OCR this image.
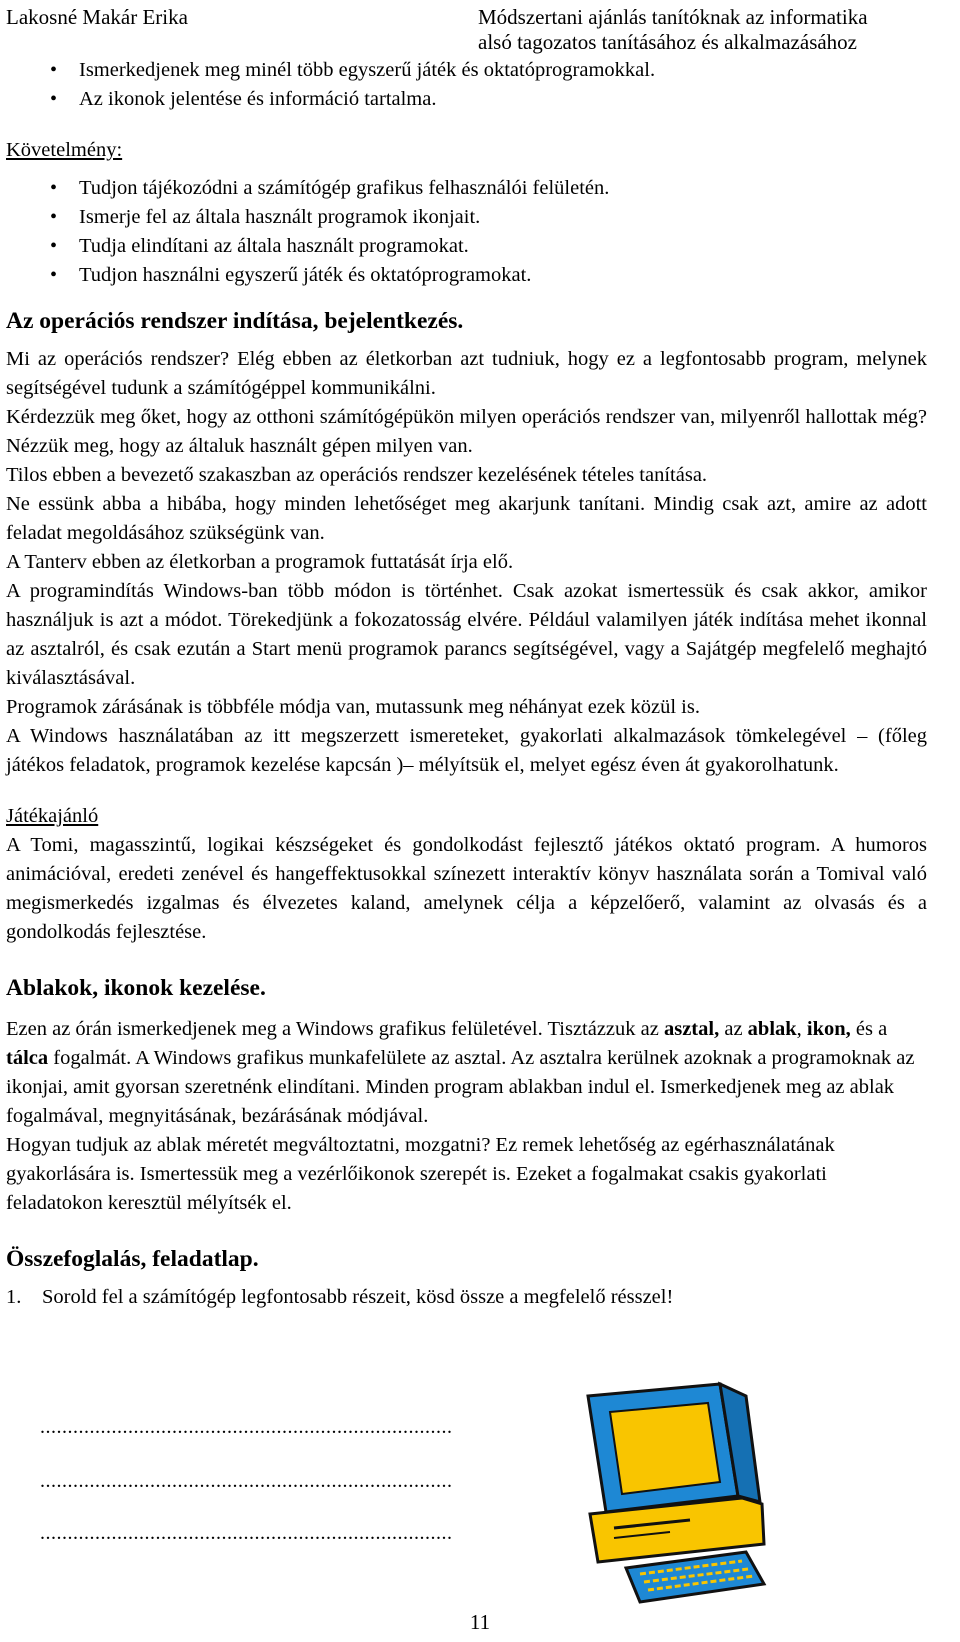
Lakosné Makár Erika	Módszertani ajánlás tanítóknak az informatika
alsó tagozatos tanításához és alkalmazásához
• Ismerkedjenek meg minél több egyszerű játék és oktatóprogramokkal.
• Az ikonok jelentése és információ tartalma.
Követelmény:
• Tudjon tájékozódni a számítógép grafikus felhasználói felületén.
• Ismerje fel az általa használt programok ikonjait.
• Tudja elindítani az általa használt programokat.
• Tudjon használni egyszerű játék és oktatóprogramokat.
Az operációs rendszer indítása, bejelentkezés.

Mi az operációs rendszer? Elég ebben az életkorban azt tudniuk, hogy ez a legfontosabb program, melynek segítségével tudunk a számítógéppel kommunikálni.

Kérdezzük meg őket, hogy az otthoni számítógépükön milyen operációs rendszer van, milyenről hallottak még? Nézzük meg, hogy az általuk használt gépen milyen van.

Tilos ebben a bevezető szakaszban az operációs rendszer kezelésének tételes tanítása.

Ne essünk abba a hibába, hogy minden lehetőséget meg akarjunk tanítani. Mindig csak azt, amire az adott feladat megoldásához szükségünk van.

A Tanterv ebben az életkorban a programok futtatását írja elő.

A programindítás Windows-ban több módon is történhet. Csak azokat ismertessük és csak akkor, amikor használjuk is azt a módot. Törekedjünk a fokozatosság elvére. Például valamilyen játék indítása mehet ikonnal az asztalról, és csak ezután a Start menü programok parancs segítségével, vagy a Sajátgép megfelelő meghajtó kiválasztásával.

Programok zárásának is többféle módja van, mutassunk meg néhányat ezek közül is.

A Windows használatában az itt megszerzett ismereteket, gyakorlati alkalmazások tömkelegével – (főleg játékos feladatok, programok kezelése kapcsán )– mélyítsük el, melyet egész éven át gyakorolhatunk.

Játékajánló

A Tomi, magasszintű, logikai készségeket és gondolkodást fejlesztő játékos oktató program. A humoros animációval, eredeti zenével és hangeffektusokkal színezett interaktív könyv használata során a Tomival való megismerkedés izgalmas és élvezetes kaland, amelynek célja a képzelőerő, valamint az olvasás és a gondolkodás fejlesztése.

Ablakok, ikonok kezelése.

Ezen az órán ismerkedjenek meg a Windows grafikus felületével. Tisztázzuk az asztal, az ablak, ikon, és a tálca fogalmát. A Windows grafikus munkafelülete az asztal. Az asztalra kerülnek azoknak a programoknak az ikonjai, amit gyorsan szeretnénk elindítani. Minden program ablakban indul el. Ismerkedjenek meg az ablak fogalmával, megnyitásának, bezárásának módjával.

Hogyan tudjuk az ablak méretét megváltoztatni, mozgatni? Ez remek lehetőség az egérhasználatának gyakorlására is. Ismertessük meg a vezérlőikonok szerepét is. Ezeket a fogalmakat csakis gyakorlati feladatokon keresztül mélyítsék el.

Összefoglalás, feladatlap.
1. Sorold fel a számítógép legfontosabb részeit, kösd össze a megfelelő résszel!
...........................................................................
...........................................................................
...........................................................................
11
